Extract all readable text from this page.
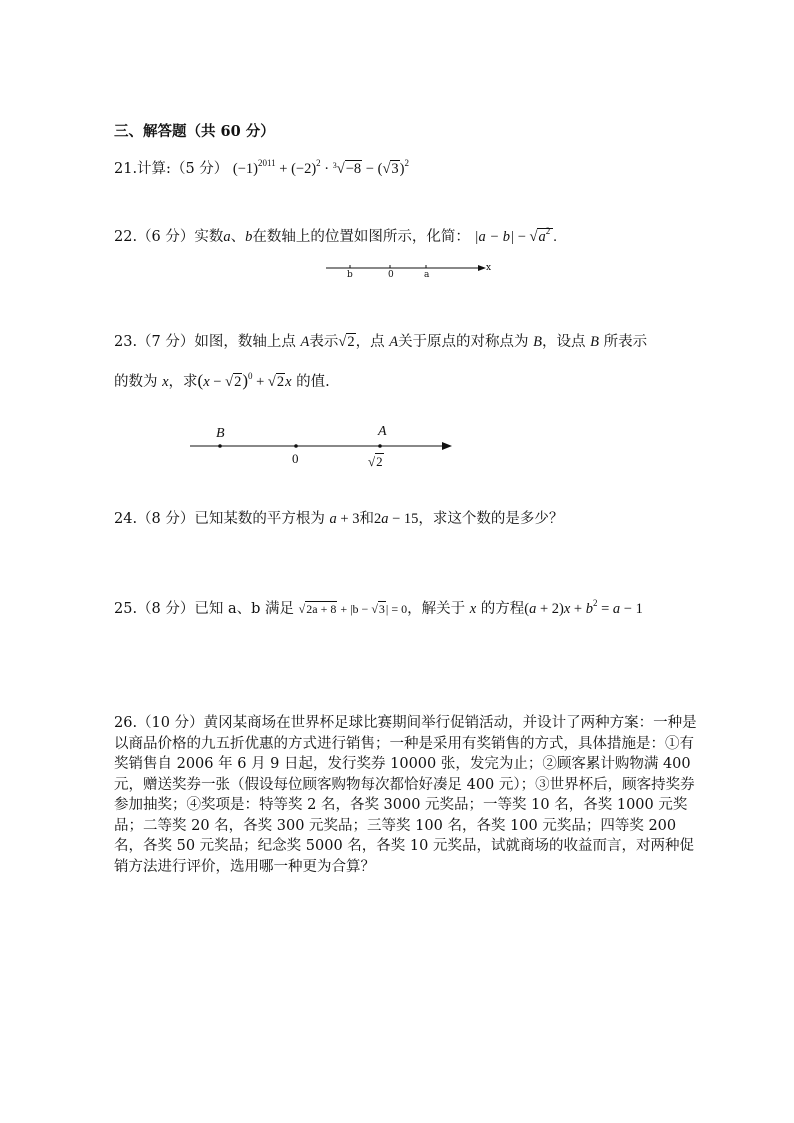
三、解答题（共 60 分）
21.计算:（5 分） $(-1)^{2011} + (-2)^2 \cdot ^3√-8 - (√3)^2$
22.（6 分）实数a、b在数轴上的位置如图所示，化简： $|a - b| - √a^2$ .
b	0	a
x
23.（7 分）如图，数轴上点 A表示√2，点 A关于原点的对称点为 B，设点 B 所表示
的数为 x，求$(x - √2)^0 + √2x$ 的值.
B
0
A
√2
24.（8 分）已知某数的平方根为 a + 3和2a − 15，求这个数的是多少？
25.（8 分）已知 a、b 满足 √2a + 8 + |b − √3| = 0，解关于 x 的方程$(a + 2)x + b^2 = a - 1$
26.（10 分）黄冈某商场在世界杯足球比赛期间举行促销活动，并设计了两种方案：一种是以商品价格的九五折优惠的方式进行销售；一种是采用有奖销售的方式，具体措施是：①有奖销售自 2006 年 6 月 9 日起，发行奖券 10000 张，发完为止；②顾客累计购物满 400 元，赠送奖券一张（假设每位顾客购物每次都恰好凑足 400 元）；③世界杯后，顾客持奖券参加抽奖；④奖项是：特等奖 2 名，各奖 3000 元奖品；一等奖 10 名，各奖 1000 元奖品；二等奖 20 名，各奖 300 元奖品；三等奖 100 名，各奖 100 元奖品；四等奖 200 名，各奖 50 元奖品；纪念奖 5000 名，各奖 10 元奖品，试就商场的收益而言，对两种促销方法进行评价，选用哪一种更为合算？
